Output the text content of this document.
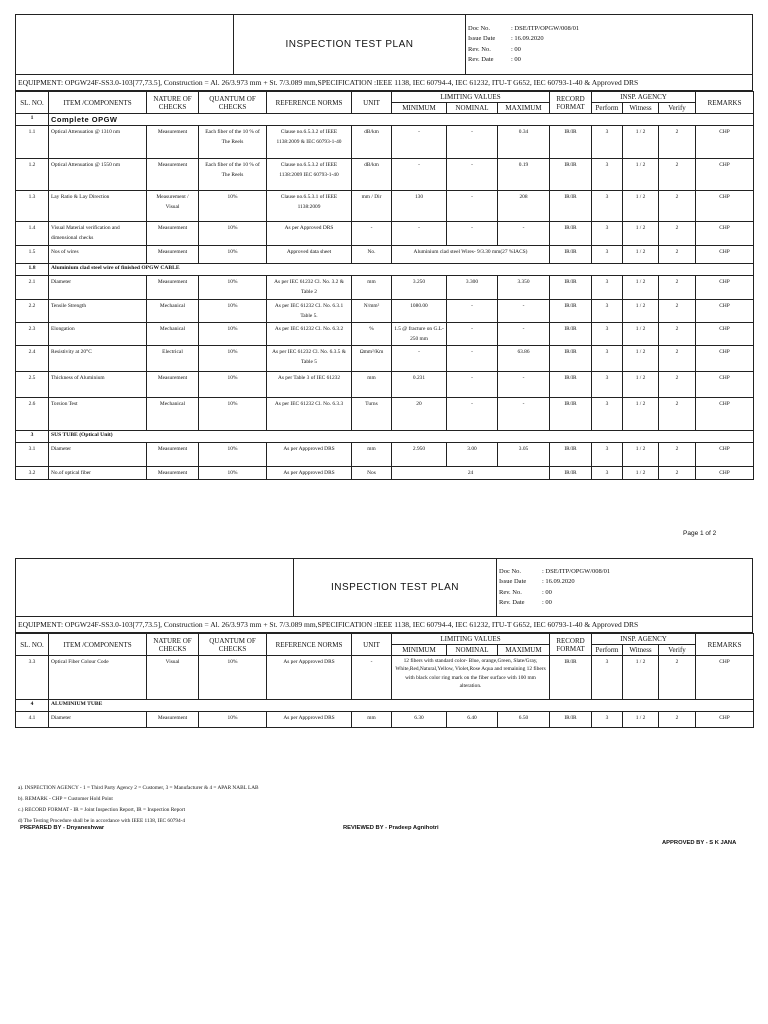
	INSPECTION TEST PLAN	
Doc No.	: DSE/ITP/OPGW/008/01
Issue Date	: 16.09.2020
Rev. No.	: 00
Rev. Date	: 00

EQUIPMENT: OPGW24F-SS3.0-103[77,73.5], Construction = Al. 26/3.973 mm + St. 7/3.089 mm,SPECIFICATION :IEEE 1138, IEC 60794-4, IEC 61232, ITU-T G652, IEC 60793-1-40 & Approved DRS
SL. NO.	ITEM /COMPONENTS	NATURE OF CHECKS	QUANTUM OF CHECKS	REFERENCE NORMS	UNIT	LIMITING VALUES			RECORD FORMAT	INSP. AGENCY			REMARKS
						MINIMUM	NOMINAL	MAXIMUM		Perform	Witness	Verify	
1	Complete OPGW												
1.1	Optical Attenuation @ 1310 nm	Measurement	Each fiber of the 10 % of The Reels	Clause no.6.5.3.2 of IEEE 1138:2009 & IEC 60793-1-40	dB/km	-	-	0.34	IR/IR	3	1 / 2	2	CHP
1.2	Optical Attenuation @ 1550 nm	Measurement	Each fiber of the 10 % of The Reels	Clause no.6.5.3.2 of IEEE 1138:2009 IEC 60793-1-40	dB/km	-	-	0.19	IR/IR	3	1 / 2	2	CHP
1.3	Lay Ratio & Lay Direction	Measurement / Visual	10%	Clause no.6.5.3.1 of IEEE 1138:2009	mm / Dir	130	-	208	IR/IR	3	1 / 2	2	CHP
1.4	Visual Material verification and dimensional checks	Measurement	10%	As per Approved DRS	-	-	-	-	IR/IR	3	1 / 2	2	CHP
1.5	Nos of wires	Measurement	10%	Approved data sheet	No.	Aluminium clad steel Wires- 9/3.30 mm(27 %IACS)			IR/IR	3	1 / 2	2	CHP
1.8	Aluminium clad steel wire of finished OPGW CABLE												
2.1	Diameter	Measurement	10%	As per IEC 61232 Cl. No. 3.2 & Table 2	mm	3.250	3.300	3.350	IR/IR	3	1 / 2	2	CHP
2.2	Tensile Strength	Mechanical	10%	As per IEC 61232 Cl. No. 6.3.1 Table 5.	N/mm²	1080.00	-	-	IR/IR	3	1 / 2	2	CHP
2.3	Elongation	Mechanical	10%	As per IEC 61232 Cl. No. 6.3.2	%	1.5 @ fracture on G.L- 250 mm	-	-	IR/IR	3	1 / 2	2	CHP
2.4	Resistivity at 20°C	Electrical	10%	As per IEC 61232 Cl. No. 6.3.5 & Table 5	Ωmm²/Km	-	-	63.86	IR/IR	3	1 / 2	2	CHP
2.5	Thickness of Aluminium	Measurement	10%	As per Table 3 of IEC 61232	mm	0.231	-	-	IR/IR	3	1 / 2	2	CHP
2.6	Torsion Test	Mechanical	10%	As per IEC 61232 Cl. No. 6.3.3	Turns	20	-	-	IR/IR	3	1 / 2	2	CHP
3	SUS TUBE (Optical Unit)												
3.1	Diameter	Measurement	10%	As per Appproved DRS	mm	2.950	3.00	3.05	IR/IR	3	1 / 2	2	CHP
3.2	No.of optical fiber	Measurement	10%	As per Appproved DRS	Nos	24			IR/IR	3	1 / 2	2	CHP
Page 1 of 2
	INSPECTION TEST PLAN	
Doc No.	: DSE/ITP/OPGW/008/01
Issue Date	: 16.09.2020
Rev. No.	: 00
Rev. Date	: 00

EQUIPMENT: OPGW24F-SS3.0-103[77,73.5], Construction = Al. 26/3.973 mm + St. 7/3.089 mm,SPECIFICATION :IEEE 1138, IEC 60794-4, IEC 61232, ITU-T G652, IEC 60793-1-40 & Approved DRS
SL. NO.	ITEM /COMPONENTS	NATURE OF CHECKS	QUANTUM OF CHECKS	REFERENCE NORMS	UNIT	LIMITING VALUES			RECORD FORMAT	INSP. AGENCY			REMARKS
						MINIMUM	NOMINAL	MAXIMUM		Perform	Witness	Verify	
3.3	Optical Fiber Colour Code	Visual	10%	As per Appproved DRS	-	12 fibers with standard color- Blue, orange,Green, Slate/Gray, White,Red,Natural,Yellow, Violet,Rose Aqua and remaining 12 fibers with black color ring mark on the fiber surface with 100 mm alteration.			IR/IR	3	1 / 2	2	CHP
4	ALUMINIUM TUBE												
4.1	Diameter	Measurement	10%	As per Appproved DRS	mm	6.30	6.40	6.50	IR/IR	3	1 / 2	2	CHP
a). INSPECTION AGENCY - 1 = Third Party Agency 2 = Customer, 3 = Manufacturer & 4 = APAR NABL LAB
b). REMARK - CHP = Customer Hold Point
c.) RECORD FORMAT - IR = Joint Inspection Report, IR = Inspection Report
d) The Testing Procedure shall be in accordance with IEEE 1138, IEC 60794-4
PREPARED BY - Dnyaneshwar	REVIEWED BY - Pradeep Agnihotri
APPROVED BY - S K JANA
